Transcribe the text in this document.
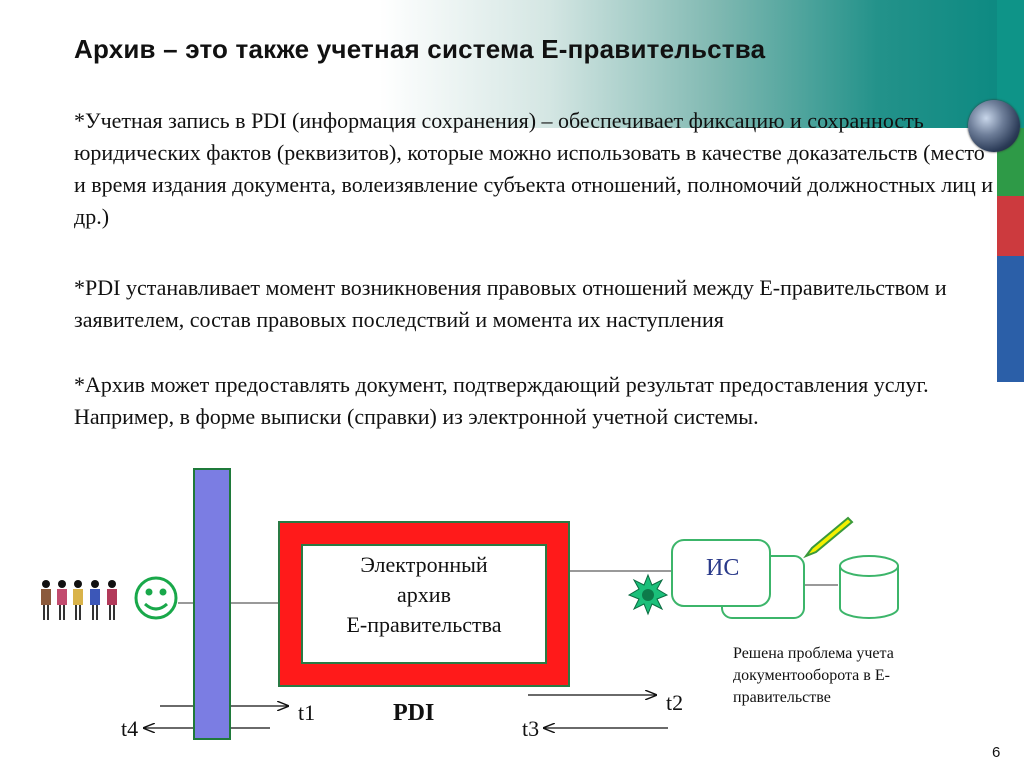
Архив – это также учетная система Е-правительства
*Учетная запись в PDI (информация сохранения) – обеспечивает фиксацию и сохранность юридических фактов (реквизитов), которые можно использовать в качестве доказательств (место и время издания документа, волеизявление субъекта отношений, полномочий должностных лиц и др.)
*PDI устанавливает момент возникновения правовых отношений между Е-правительством и заявителем, состав правовых последствий и момента их наступления
*Архив может предоставлять документ, подтверждающий результат предоставления услуг. Например, в форме выписки (справки) из электронной учетной системы.
Электронный
архив
Е-правительства
ИС
PDI
t1
t4
t2
t3
Решена проблема учета документооборота в Е-правительстве
6
